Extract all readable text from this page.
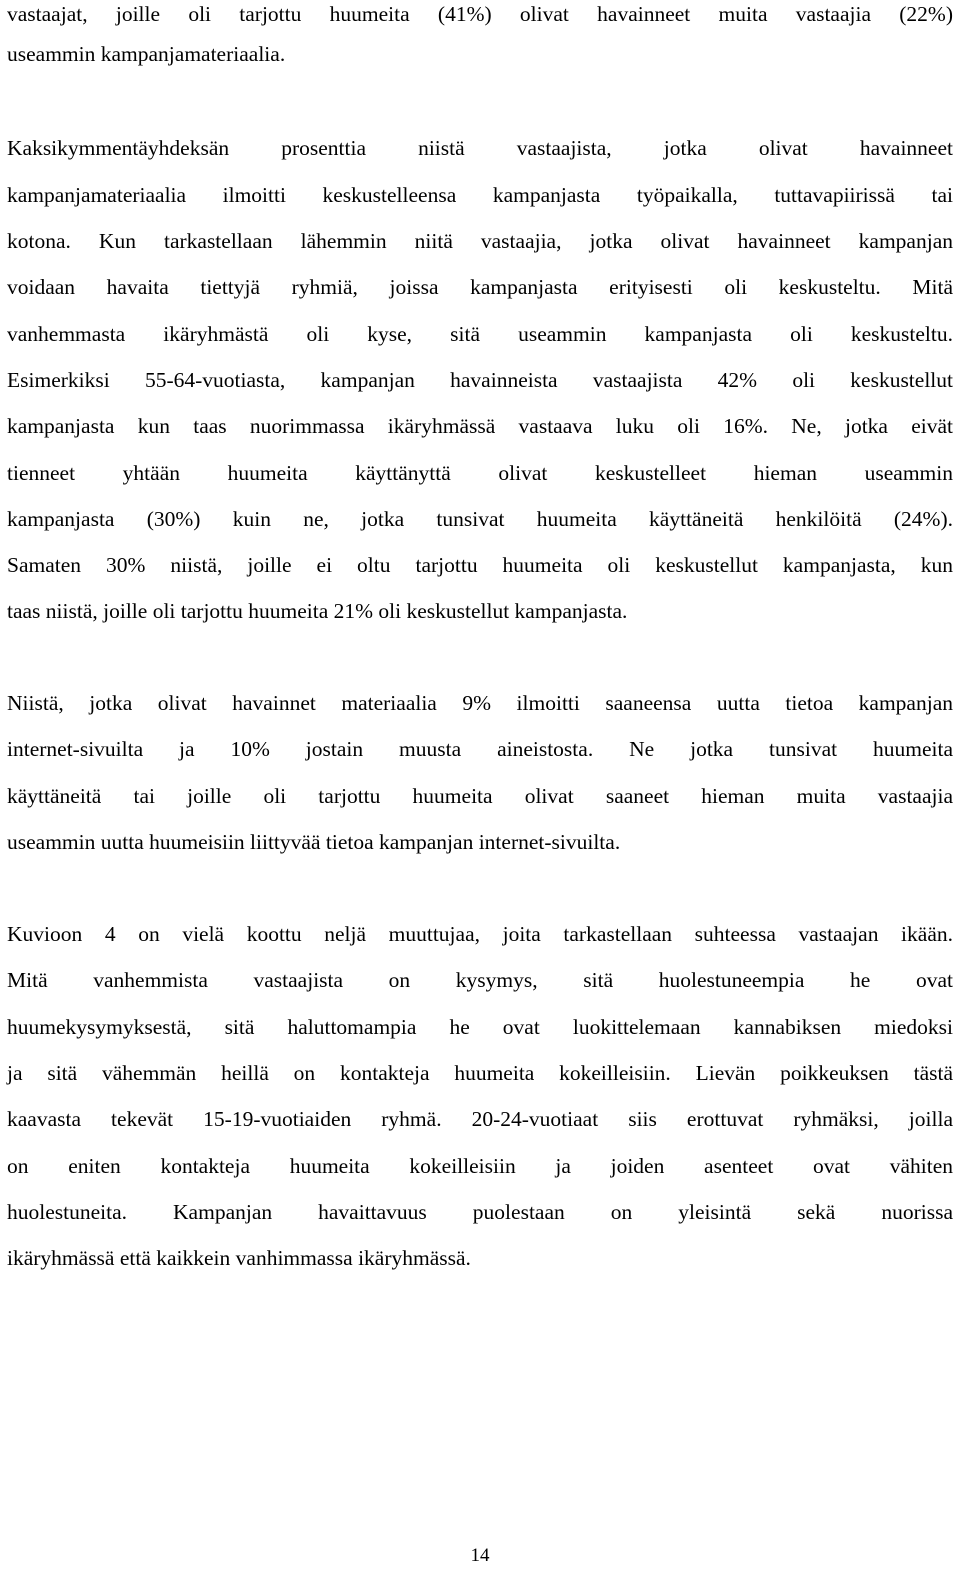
vastaajat, joille oli tarjottu huumeita (41%) olivat havainneet muita vastaajia (22%)
useammin kampanjamateriaalia.
Kaksikymmentäyhdeksän prosenttia niistä vastaajista, jotka olivat havainneet
kampanjamateriaalia ilmoitti keskustelleensa kampanjasta työpaikalla, tuttavapiirissä tai
kotona. Kun tarkastellaan lähemmin niitä vastaajia, jotka olivat havainneet kampanjan
voidaan havaita tiettyjä ryhmiä, joissa kampanjasta erityisesti oli keskusteltu. Mitä
vanhemmasta ikäryhmästä oli kyse, sitä useammin kampanjasta oli keskusteltu.
Esimerkiksi 55-64-vuotiasta, kampanjan havainneista vastaajista 42% oli keskustellut
kampanjasta kun taas nuorimmassa ikäryhmässä vastaava luku oli 16%. Ne, jotka eivät
tienneet yhtään huumeita käyttänyttä olivat keskustelleet hieman useammin
kampanjasta (30%) kuin ne, jotka tunsivat huumeita käyttäneitä henkilöitä (24%).
Samaten 30% niistä, joille ei oltu tarjottu huumeita oli keskustellut kampanjasta, kun
taas niistä, joille oli tarjottu huumeita 21% oli keskustellut kampanjasta.
Niistä, jotka olivat havainnet materiaalia 9% ilmoitti saaneensa uutta tietoa kampanjan
internet-sivuilta ja 10% jostain muusta aineistosta. Ne jotka tunsivat huumeita
käyttäneitä tai joille oli tarjottu huumeita olivat saaneet hieman muita vastaajia
useammin uutta huumeisiin liittyvää tietoa kampanjan internet-sivuilta.
Kuvioon 4 on vielä koottu neljä muuttujaa, joita tarkastellaan suhteessa vastaajan ikään.
Mitä vanhemmista vastaajista on kysymys, sitä huolestuneempia he ovat
huumekysymyksestä, sitä haluttomampia he ovat luokittelemaan kannabiksen miedoksi
ja sitä vähemmän heillä on kontakteja huumeita kokeilleisiin. Lievän poikkeuksen tästä
kaavasta tekevät 15-19-vuotiaiden ryhmä. 20-24-vuotiaat siis erottuvat ryhmäksi, joilla
on eniten kontakteja huumeita kokeilleisiin ja joiden asenteet ovat vähiten
huolestuneita. Kampanjan havaittavuus puolestaan on yleisintä sekä nuorissa
ikäryhmässä että kaikkein vanhimmassa ikäryhmässä.
14
